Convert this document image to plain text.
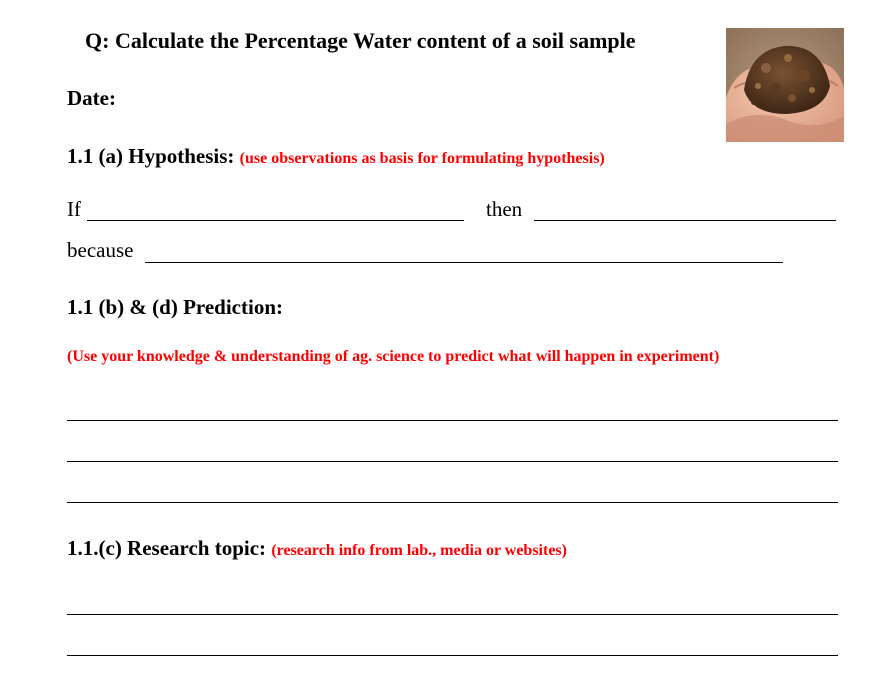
Q: Calculate the Percentage Water content of a soil sample
Date:
1.1 (a) Hypothesis: (use observations as basis for formulating hypothesis)
If	then
because
1.1 (b) & (d) Prediction:
(Use your knowledge & understanding of ag. science to predict what will happen in experiment)
1.1.(c) Research topic: (research info from lab., media or websites)
